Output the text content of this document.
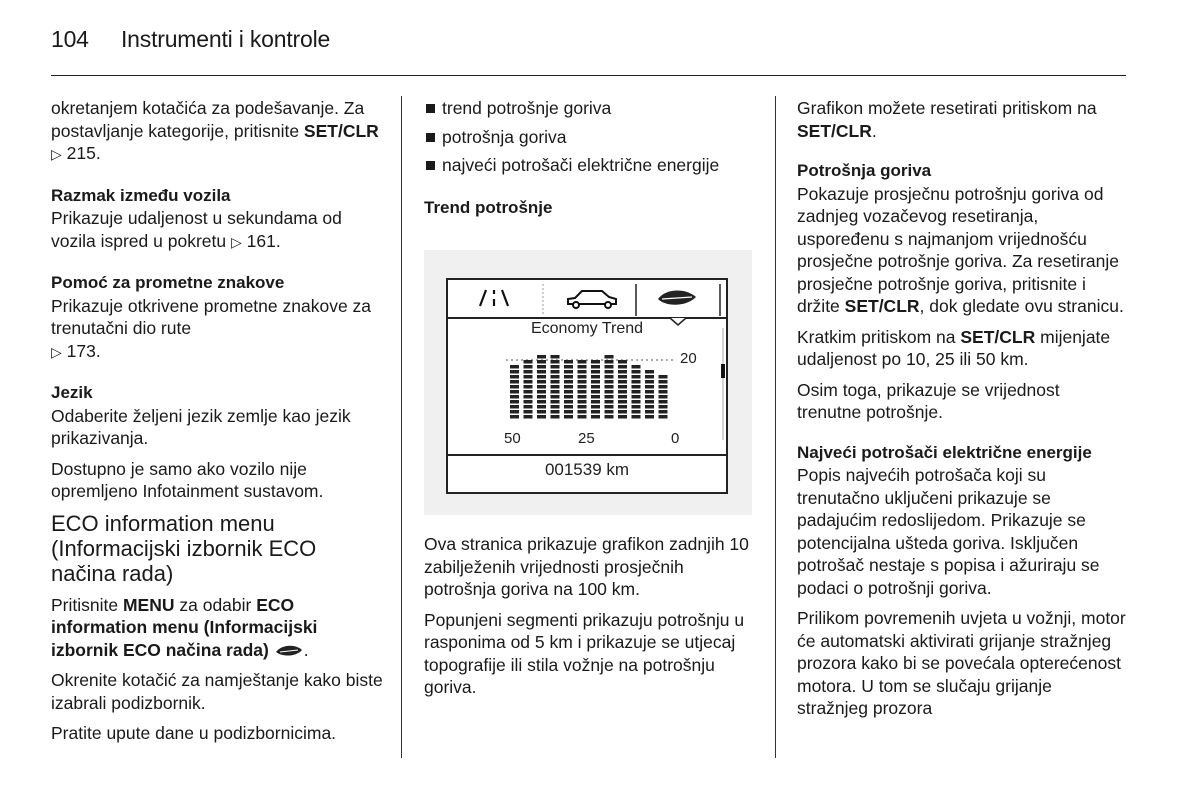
104 Instrumenti i kontrole

okretanjem kotačića za podešavanje. Za postavljanje kategorije, pritisnite SET/CLR ▷ 215.

Razmak između vozila

Prikazuje udaljenost u sekundama od vozila ispred u pokretu ▷ 161.

Pomoć za prometne znakove

Prikazuje otkrivene prometne znakove za trenutačni dio rute
▷ 173.

Jezik

Odaberite željeni jezik zemlje kao jezik prikazivanja.

Dostupno je samo ako vozilo nije opremljeno Infotainment sustavom.

ECO information menu (Informacijski izbornik ECO načina rada)

Pritisnite MENU za odabir ECO information menu (Informacijski izbornik ECO načina rada) .

Okrenite kotačić za namještanje kako biste izabrali podizbornik.

Pratite upute dane u podizbornicima.

trend potrošnje goriva
potrošnja goriva
najveći potrošači električne energije

Trend potrošnje

Economy Trend
20
50	25	0
001539 km

Ova stranica prikazuje grafikon zadnjih 10 zabilježenih vrijednosti prosječnih potrošnja goriva na 100 km.

Popunjeni segmenti prikazuju potrošnju u rasponima od 5 km i prikazuje se utjecaj topografije ili stila vožnje na potrošnju goriva.

Grafikon možete resetirati pritiskom na SET/CLR.

Potrošnja goriva

Pokazuje prosječnu potrošnju goriva od zadnjeg vozačevog resetiranja, uspoređenu s najmanjom vrijednošću prosječne potrošnje goriva. Za resetiranje prosječne potrošnje goriva, pritisnite i držite SET/CLR, dok gledate ovu stranicu.

Kratkim pritiskom na SET/CLR mijenjate udaljenost po 10, 25 ili 50 km.

Osim toga, prikazuje se vrijednost trenutne potrošnje.

Najveći potrošači električne energije

Popis najvećih potrošača koji su trenutačno uključeni prikazuje se padajućim redoslijedom. Prikazuje se potencijalna ušteda goriva. Isključen potrošač nestaje s popisa i ažuriraju se podaci o potrošnji goriva.

Prilikom povremenih uvjeta u vožnji, motor će automatski aktivirati grijanje stražnjeg prozora kako bi se povećala opterećenost motora. U tom se slučaju grijanje stražnjeg prozora
